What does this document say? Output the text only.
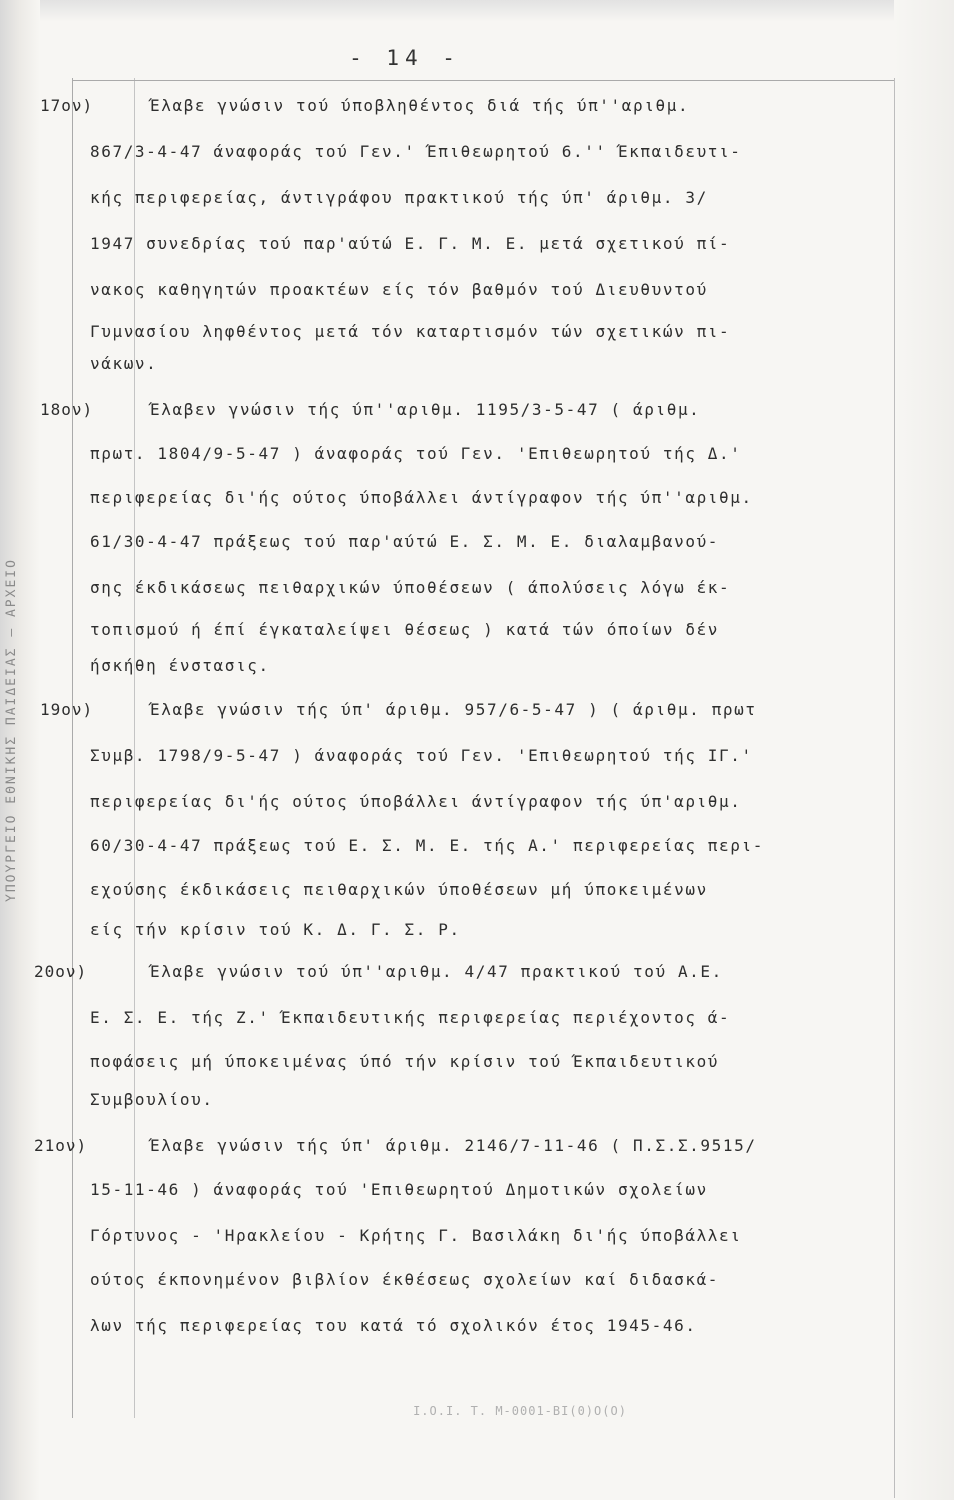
- 14 -
ΥΠΟΥΡΓΕΙΟ ΕΘΝΙΚΗΣ ΠΑΙΔΕΙΑΣ – ΑΡΧΕΙΟ
17ον)	Έλαβε γνώσιν τού ύποβληθέντος διά τής ύπ''αριθμ.
867/3-4-47 άναφοράς τού Γεν.' Έπιθεωρητού 6.'' Έκπαιδευτι-
κής περιφερείας, άντιγράφου πρακτικού τής ύπ' άριθμ. 3/
1947 συνεδρίας τού παρ'αύτώ Ε. Γ. Μ. Ε. μετά σχετικού πί-
νακος καθηγητών προακτέων είς τόν βαθμόν τού Διευθυντού
Γυμνασίου ληφθέντος μετά τόν καταρτισμόν τών σχετικών πι-
νάκων.
18ον)	Έλαβεν γνώσιν τής ύπ''αριθμ. 1195/3-5-47 ( άριθμ.
πρωτ. 1804/9-5-47 ) άναφοράς τού Γεν. 'Επιθεωρητού τής Δ.'
περιφερείας δι'ής ούτος ύποβάλλει άντίγραφον τής ύπ''αριθμ.
61/30-4-47 πράξεως τού παρ'αύτώ Ε. Σ. Μ. Ε. διαλαμβανού-
σης έκδικάσεως πειθαρχικών ύποθέσεων ( άπολύσεις λόγω έκ-
τοπισμού ή έπί έγκαταλείψει θέσεως ) κατά τών όποίων δέν
ήσκήθη ένστασις.
19ον)	Έλαβε γνώσιν τής ύπ' άριθμ. 957/6-5-47 ) ( άριθμ. πρωτ
Συμβ. 1798/9-5-47 ) άναφοράς τού Γεν. 'Επιθεωρητού τής ΙΓ.'
περιφερείας δι'ής ούτος ύποβάλλει άντίγραφον τής ύπ'αριθμ.
60/30-4-47 πράξεως τού Ε. Σ. Μ. Ε. τής Α.' περιφερείας περι-
εχούσης έκδικάσεις πειθαρχικών ύποθέσεων μή ύποκειμένων
είς τήν κρίσιν τού Κ. Δ. Γ. Σ. Ρ.
20ον)	Έλαβε γνώσιν τού ύπ''αριθμ. 4/47 πρακτικού τού Α.Ε.
Ε. Σ. Ε. τής Ζ.' Έκπαιδευτικής περιφερείας περιέχοντος ά-
ποφάσεις μή ύποκειμένας ύπό τήν κρίσιν τού Έκπαιδευτικού
Συμβουλίου.
21ον)	Έλαβε γνώσιν τής ύπ' άριθμ. 2146/7-11-46 ( Π.Σ.Σ.9515/
15-11-46 ) άναφοράς τού 'Επιθεωρητού Δημοτικών σχολείων
Γόρτυνος - 'Ηρακλείου - Κρήτης Γ. Βασιλάκη δι'ής ύποβάλλει
ούτος έκπονημένον βιβλίον έκθέσεως σχολείων καί διδασκά-
λων τής περιφερείας του κατά τό σχολικόν έτος 1945-46.
Ι.Ο.Ι. Τ. Μ-0001-ΒΙ(0)Ο(Ο)
